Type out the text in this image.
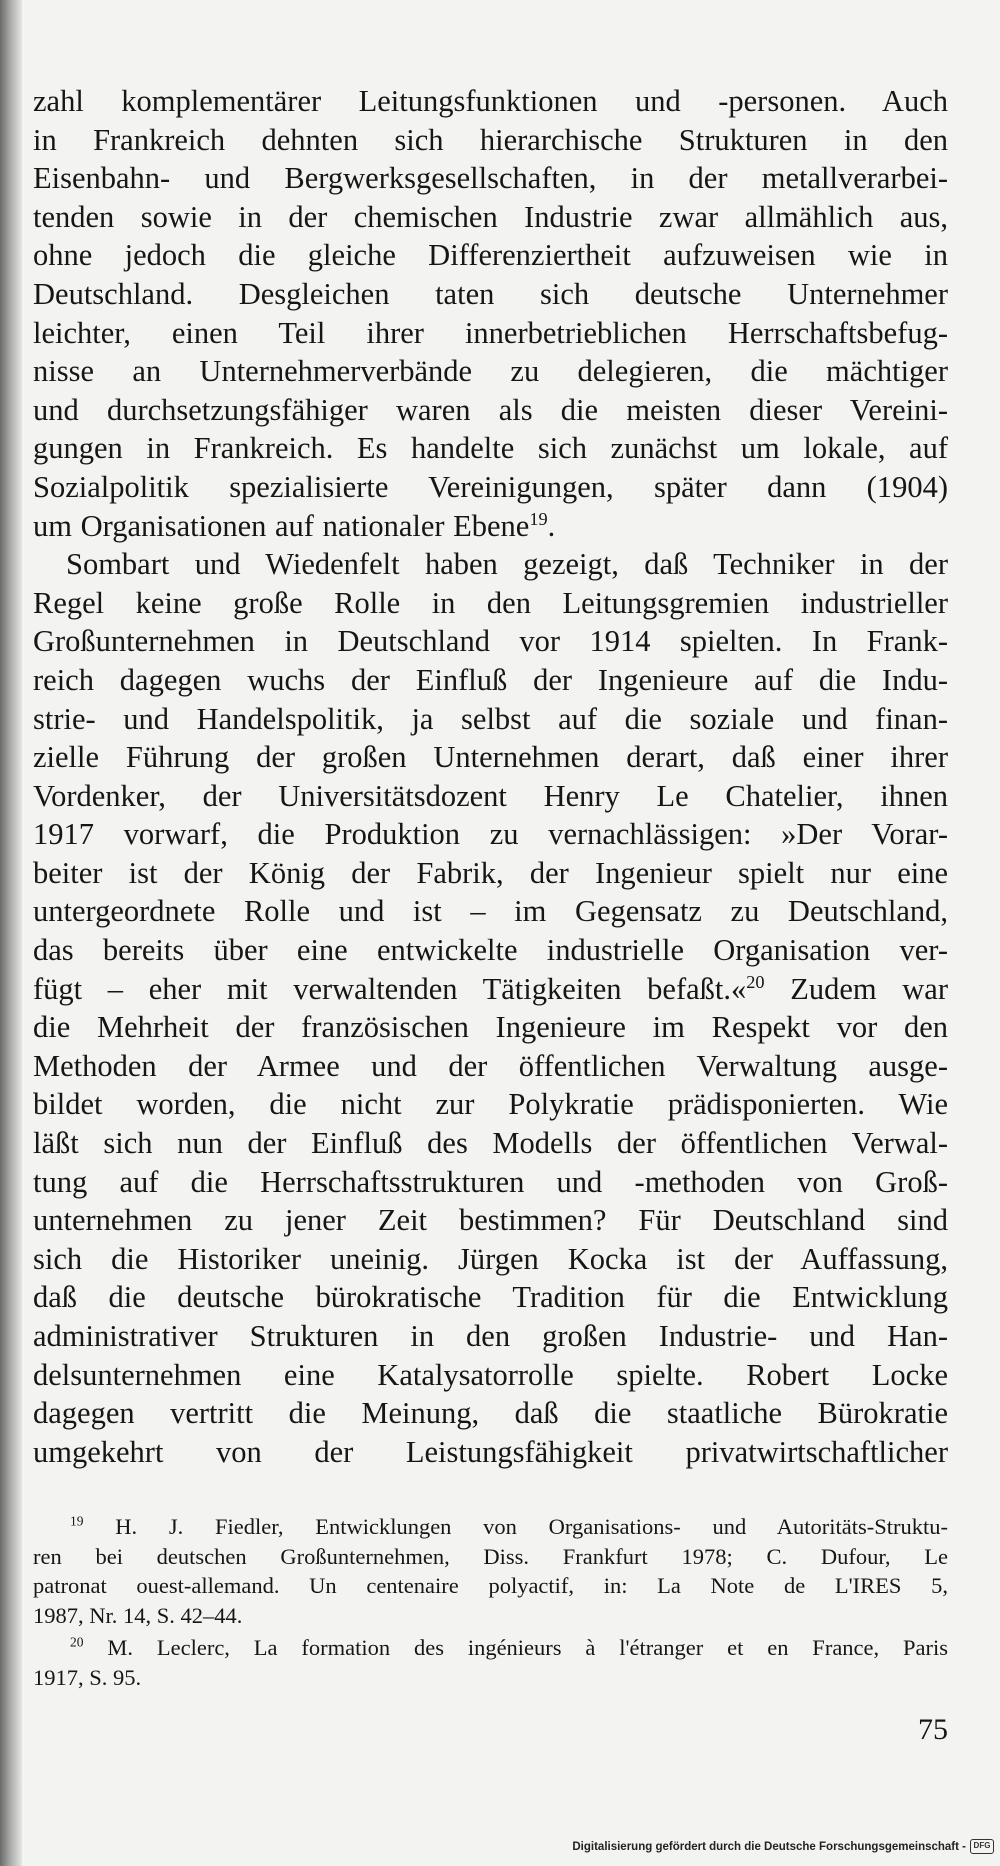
zahl komplementärer Leitungsfunktionen und -personen. Auch
in Frankreich dehnten sich hierarchische Strukturen in den
Eisenbahn- und Bergwerksgesellschaften, in der metallverarbei-
tenden sowie in der chemischen Industrie zwar allmählich aus,
ohne jedoch die gleiche Differenziertheit aufzuweisen wie in
Deutschland. Desgleichen taten sich deutsche Unternehmer
leichter, einen Teil ihrer innerbetrieblichen Herrschaftsbefug-
nisse an Unternehmerverbände zu delegieren, die mächtiger
und durchsetzungsfähiger waren als die meisten dieser Vereini-
gungen in Frankreich. Es handelte sich zunächst um lokale, auf
Sozialpolitik spezialisierte Vereinigungen, später dann (1904)
um Organisationen auf nationaler Ebene$^{19}$.
Sombart und Wiedenfelt haben gezeigt, daß Techniker in der
Regel keine große Rolle in den Leitungsgremien industrieller
Großunternehmen in Deutschland vor 1914 spielten. In Frank-
reich dagegen wuchs der Einfluß der Ingenieure auf die Indu-
strie- und Handelspolitik, ja selbst auf die soziale und finan-
zielle Führung der großen Unternehmen derart, daß einer ihrer
Vordenker, der Universitätsdozent Henry Le Chatelier, ihnen
1917 vorwarf, die Produktion zu vernachlässigen: »Der Vorar-
beiter ist der König der Fabrik, der Ingenieur spielt nur eine
untergeordnete Rolle und ist – im Gegensatz zu Deutschland,
das bereits über eine entwickelte industrielle Organisation ver-
fügt – eher mit verwaltenden Tätigkeiten befaßt.«$^{20}$ Zudem war
die Mehrheit der französischen Ingenieure im Respekt vor den
Methoden der Armee und der öffentlichen Verwaltung ausge-
bildet worden, die nicht zur Polykratie prädisponierten. Wie
läßt sich nun der Einfluß des Modells der öffentlichen Verwal-
tung auf die Herrschaftsstrukturen und -methoden von Groß-
unternehmen zu jener Zeit bestimmen? Für Deutschland sind
sich die Historiker uneinig. Jürgen Kocka ist der Auffassung,
daß die deutsche bürokratische Tradition für die Entwicklung
administrativer Strukturen in den großen Industrie- und Han-
delsunternehmen eine Katalysatorrolle spielte. Robert Locke
dagegen vertritt die Meinung, daß die staatliche Bürokratie
umgekehrt von der Leistungsfähigkeit privatwirtschaftlicher
$^{19}$ H. J. Fiedler, Entwicklungen von Organisations- und Autoritäts-Struktu-
ren bei deutschen Großunternehmen, Diss. Frankfurt 1978; C. Dufour, Le
patronat ouest-allemand. Un centenaire polyactif, in: La Note de L'IRES 5,
1987, Nr. 14, S. 42–44.
$^{20}$ M. Leclerc, La formation des ingénieurs à l'étranger et en France, Paris
1917, S. 95.
75
Digitalisierung gefördert durch die Deutsche Forschungsgemeinschaft - DFG
